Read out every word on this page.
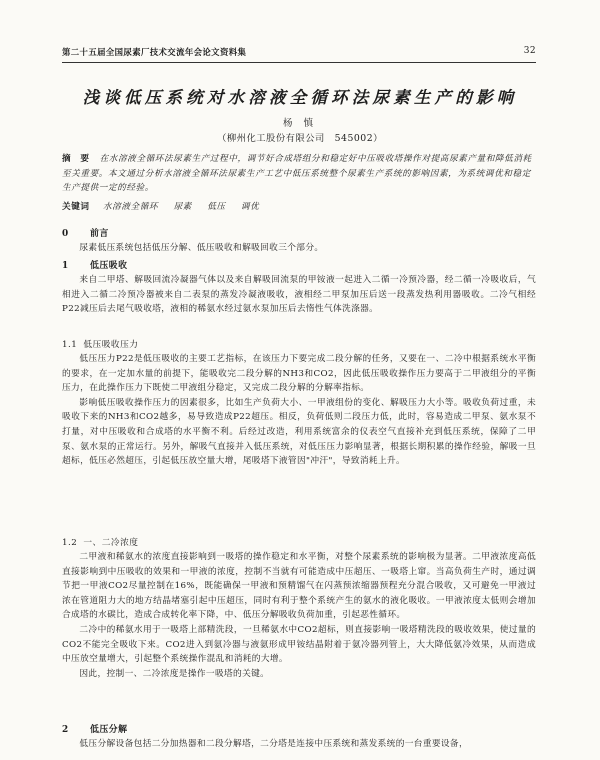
第二十五届全国尿素厂技术交流年会论文资料集	32
浅谈低压系统对水溶液全循环法尿素生产的影响
杨 慎
（柳州化工股份有限公司　545002）
摘　要 在水溶液全循环法尿素生产过程中，调节好合成塔组分和稳定好中压吸收塔操作对提高尿素产量和降低消耗至关重要。本文通过分析水溶液全循环法尿素生产工艺中低压系统整个尿素生产系统的影响因素，为系统调优和稳定生产提供一定的经验。
关键词 水溶液全循环 尿素 低压 调优
0 前言

尿素低压系统包括低压分解、低压吸收和解吸回收三个部分。

1 低压吸收

来自二甲塔、解吸回流冷凝器气体以及来自解吸回流泵的甲铵液一起进入二循一冷预冷器，经二循一冷吸收后，气相进入二循二冷预冷器被来自二表泵的蒸发冷凝液吸收，液相经二甲泵加压后送一段蒸发热利用器吸收。二冷气相经P22减压后去尾气吸收塔，液相的稀氨水经过氨水泵加压后去惰性气体洗涤器。

1.1 低压吸收压力

低压压力P22是低压吸收的主要工艺指标，在该压力下要完成二段分解的任务，又要在一、二冷中根据系统水平衡的要求，在一定加水量的前提下，能吸收完二段分解的NH3和CO2，因此低压吸收操作压力要高于二甲液组分的平衡压力，在此操作压力下既使二甲液组分稳定，又完成二段分解的分解率指标。

影响低压吸收操作压力的因素很多，比如生产负荷大小、一甲液组份的变化、解吸压力大小等。吸收负荷过重，未吸收下来的NH3和CO2越多，易导致造成P22超压。相反，负荷低则二段压力低，此时，容易造成二甲泵、氨水泵不打量，对中压吸收和合成塔的水平衡不利。后经过改造，利用系统富余的仪表空气直接补充到低压系统，保障了二甲泵、氨水泵的正常运行。另外，解吸气直接并入低压系统，对低压压力影响显著，根据长期积累的操作经验，解吸一旦超标，低压必然超压，引起低压放空量大增，尾吸塔下液管因"冲汗"，导致消耗上升。

1.2 一、二冷浓度

二甲液和稀氨水的浓度直接影响到一吸塔的操作稳定和水平衡，对整个尿素系统的影响极为显著。二甲液浓度高低直接影响到中压吸收的效果和一甲液的浓度，控制不当就有可能造成中压超压、一吸塔上窜。当高负荷生产时，通过调节把一甲液CO2尽量控制在16%，既能确保一甲液和预精馏气在闪蒸预浓缩器预程充分混合吸收，又可避免一甲液过浓在管道阻力大的地方结晶堵塞引起中压超压，同时有利于整个系统产生的氨水的液化吸收。一甲液浓度太低则会增加合成塔的水碳比，造成合成转化率下降，中、低压分解吸收负荷加重，引起恶性循环。

二冷中的稀氨水用于一吸塔上部精洗段，一旦稀氨水中CO2超标，则直接影响一吸塔精洗段的吸收效果，使过量的CO2不能完全吸收下来。CO2进入到氨冷器与液氨形成甲铵结晶附着于氨冷器列管上，大大降低氨冷效果，从而造成中压放空量增大，引起整个系统操作混乱和消耗的大增。

因此，控制一、二冷浓度是操作一吸塔的关键。

2 低压分解

低压分解设备包括二分加热器和二段分解塔，二分塔是连接中压系统和蒸发系统的一台重要设备，
